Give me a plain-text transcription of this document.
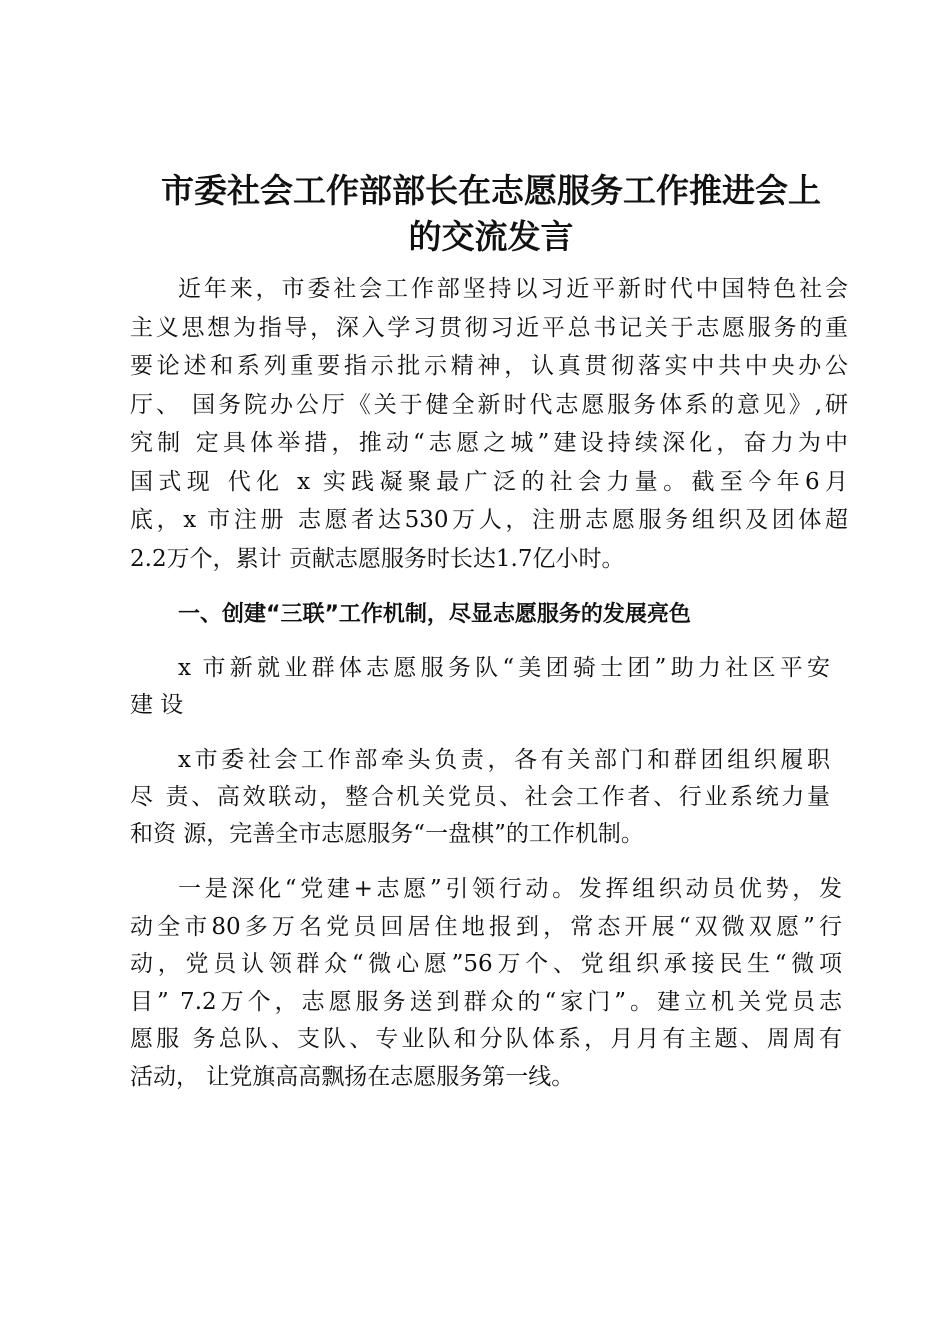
市委社会工作部部长在志愿服务工作推进会上
的交流发言
近年来，市委社会工作部坚持以习近平新时代中国特色社会
主义思想为指导，深入学习贯彻习近平总书记关于志愿服务的重
要论述和系列重要指示批示精神，认真贯彻落实中共中央办公
厅、 国务院办公厅《关于健全新时代志愿服务体系的意见》,研
究制 定具体举措，推动“志愿之城”建设持续深化，奋力为中
国式现 代化 x 实践凝聚最广泛的社会力量。截至今年6月
底，x 市注册 志愿者达530万人，注册志愿服务组织及团体超
2.2万个，累计 贡献志愿服务时长达1.7亿小时。
一、创建“三联”工作机制，尽显志愿服务的发展亮色
x 市新就业群体志愿服务队“美团骑士团”助力社区平安
建 设
x市委社会工作部牵头负责，各有关部门和群团组织履职
尽 责、高效联动，整合机关党员、社会工作者、行业系统力量
和资 源，完善全市志愿服务“一盘棋”的工作机制。
一是深化“党建+志愿”引领行动。发挥组织动员优势，发
动全市80多万名党员回居住地报到，常态开展“双微双愿”行
动，党员认领群众“微心愿”56万个、党组织承接民生“微项
目” 7.2万个，志愿服务送到群众的“家门”。建立机关党员志
愿服 务总队、支队、专业队和分队体系，月月有主题、周周有
活动， 让党旗高高飘扬在志愿服务第一线。
